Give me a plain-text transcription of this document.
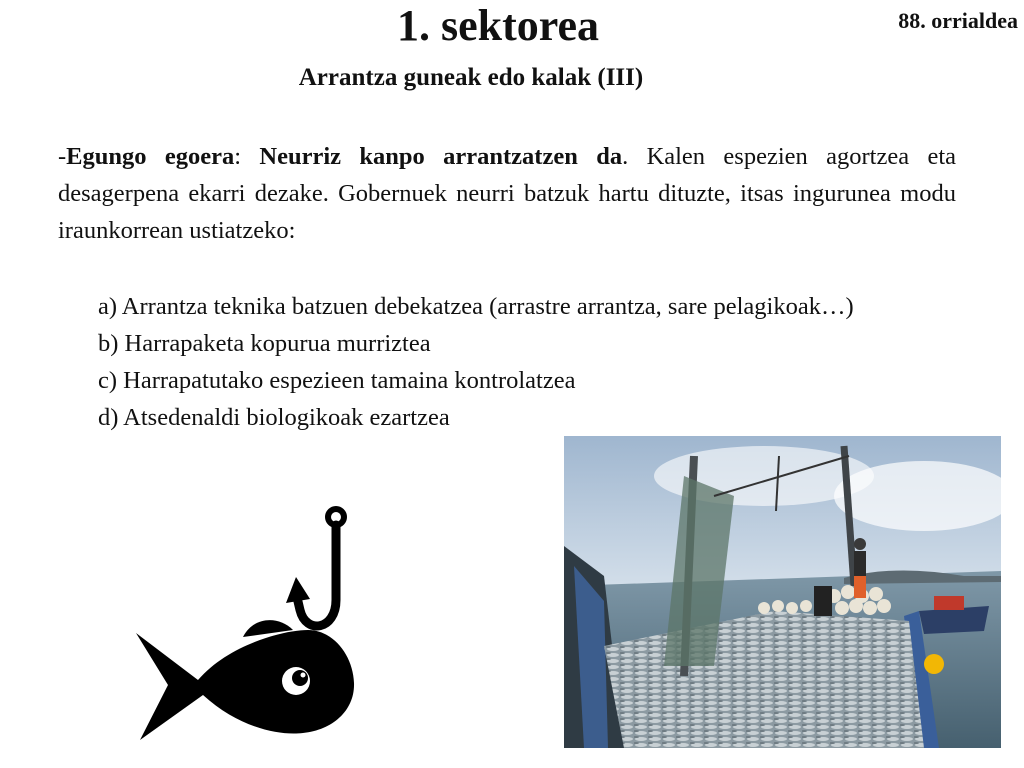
1. sektorea	88. orrialdea
Arrantza guneak edo kalak (III)
-Egungo egoera: Neurriz kanpo arrantzatzen da. Kalen espezien agortzea eta desagerpena ekarri dezake. Gobernuek neurri batzuk hartu dituzte, itsas ingurunea modu iraunkorrean ustiatzeko:
a) Arrantza teknika batzuen debekatzea (arrastre arrantza, sare pelagikoak…)
b) Harrapaketa kopurua murriztea
c) Harrapatutako espezieen tamaina kontrolatzea
d) Atsedenaldi biologikoak ezartzea
